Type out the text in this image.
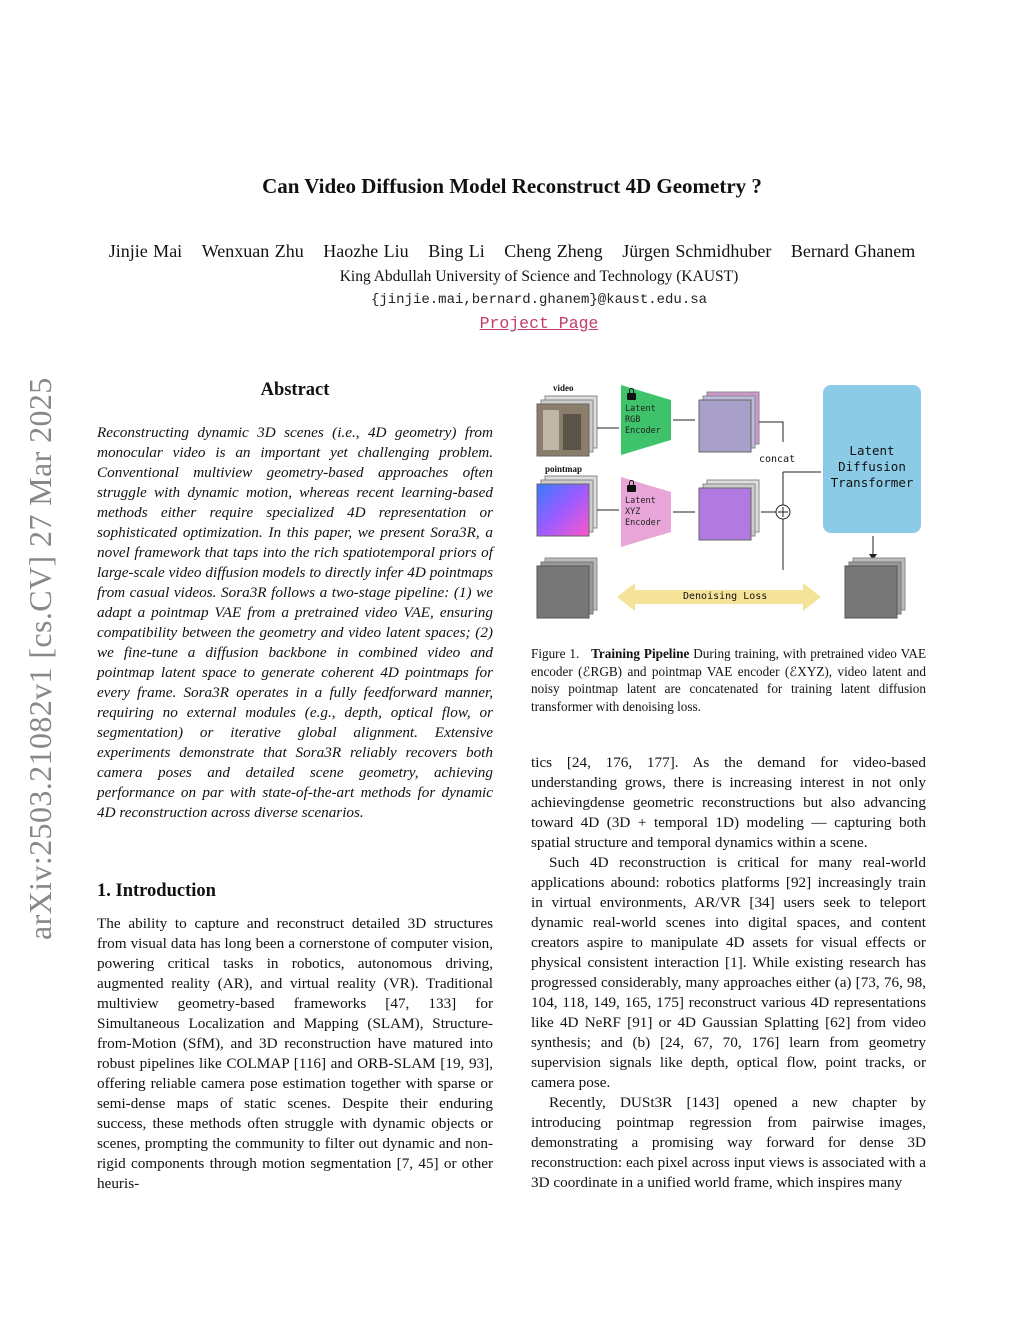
Can Video Diffusion Model Reconstruct 4D Geometry ?
Jinjie Mai Wenxuan Zhu Haozhe Liu Bing Li Cheng Zheng Jürgen Schmidhuber Bernard Ghanem
King Abdullah University of Science and Technology (KAUST)
{jinjie.mai,bernard.ghanem}@kaust.edu.sa
Project Page
arXiv:2503.21082v1 [cs.CV] 27 Mar 2025	Abstract
Reconstructing dynamic 3D scenes (i.e., 4D geometry) from monocular video is an important yet challenging problem. Conventional multiview geometry-based approaches often struggle with dynamic motion, whereas recent learning-based methods either require specialized 4D representation or sophisticated optimization. In this paper, we present Sora3R, a novel framework that taps into the rich spatiotemporal priors of large-scale video diffusion models to directly infer 4D pointmaps from casual videos. Sora3R follows a two-stage pipeline: (1) we adapt a pointmap VAE from a pretrained video VAE, ensuring compatibility between the geometry and video latent spaces; (2) we fine-tune a diffusion backbone in combined video and pointmap latent space to generate coherent 4D pointmaps for every frame. Sora3R operates in a fully feedforward manner, requiring no external modules (e.g., depth, optical flow, or segmentation) or iterative global alignment. Extensive experiments demonstrate that Sora3R reliably recovers both camera poses and detailed scene geometry, achieving performance on par with state-of-the-art methods for dynamic 4D reconstruction across diverse scenarios.
1. Introduction
The ability to capture and reconstruct detailed 3D structures from visual data has long been a cornerstone of computer vision, powering critical tasks in robotics, autonomous driving, augmented reality (AR), and virtual reality (VR). Traditional multiview geometry-based frameworks [47, 133] for Simultaneous Localization and Mapping (SLAM), Structure-from-Motion (SfM), and 3D reconstruction have matured into robust pipelines like COLMAP [116] and ORB-SLAM [19, 93], offering reliable camera pose estimation together with sparse or semi-dense maps of static scenes. Despite their enduring success, these methods often struggle with dynamic objects or scenes, prompting the community to filter out dynamic and non-rigid components through motion segmentation [7, 45] or other heuris-
video
pointmap
Latent RGB Encoder
Latent XYZ Encoder
concat
Latent Diffusion Transformer
Denoising Loss
Figure 1. Training Pipeline During training, with pretrained video VAE encoder (ℰRGB) and pointmap VAE encoder (ℰXYZ), video latent and noisy pointmap latent are concatenated for training latent diffusion transformer with denoising loss.

tics [24, 176, 177]. As the demand for video-based understanding grows, there is increasing interest in not only achievingdense geometric reconstructions but also advancing toward 4D (3D + temporal 1D) modeling — capturing both spatial structure and temporal dynamics within a scene.

Such 4D reconstruction is critical for many real-world applications abound: robotics platforms [92] increasingly train in virtual environments, AR/VR [34] users seek to teleport dynamic real-world scenes into digital spaces, and content creators aspire to manipulate 4D assets for visual effects or physical consistent interaction [1]. While existing research has progressed considerably, many approaches either (a) [73, 76, 98, 104, 118, 149, 165, 175] reconstruct various 4D representations like 4D NeRF [91] or 4D Gaussian Splatting [62] from video synthesis; and (b) [24, 67, 70, 176] learn from geometry supervision signals like depth, optical flow, point tracks, or camera pose.

Recently, DUSt3R [143] opened a new chapter by introducing pointmap regression from pairwise images, demonstrating a promising way forward for dense 3D reconstruction: each pixel across input views is associated with a 3D coordinate in a unified world frame, which inspires many
